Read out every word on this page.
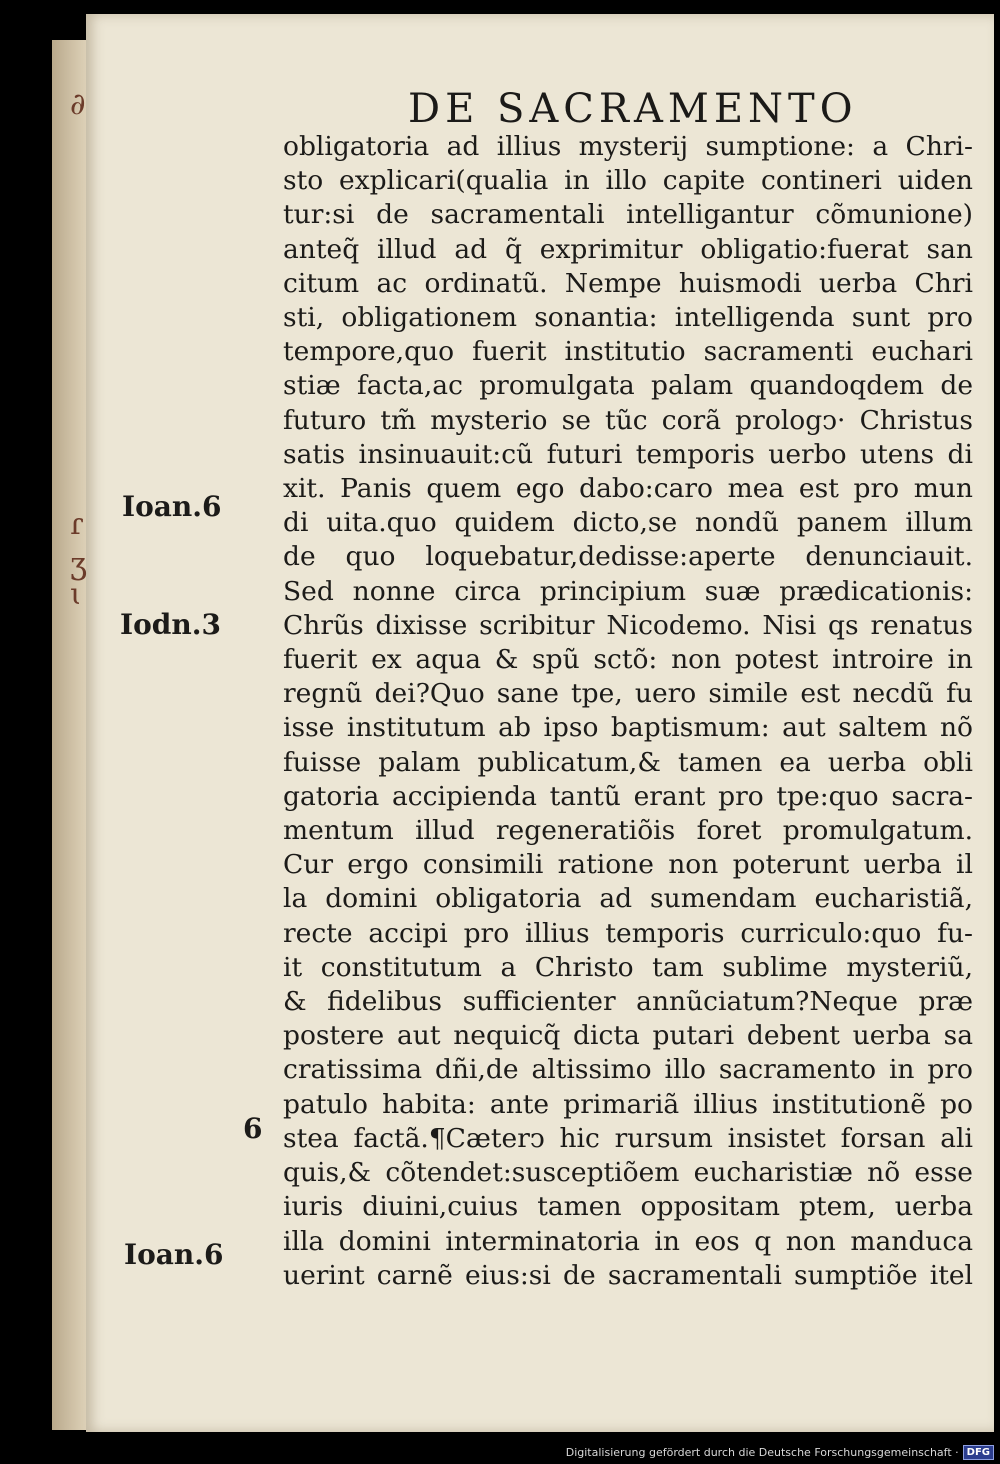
∂
ɾ
ʒ
ɩ
DE SACRAMENTO
obligatoria ad illius mysterij sumptione: a Chri-
sto explicari(qualia in illo capite contineri uiden
tur:si de sacramentali intelligantur cõmunione)
anteq̃ illud ad q̃ exprimitur obligatio:fuerat san
citum ac ordinatũ. Nempe huismodi uerba Chri
sti, obligationem sonantia: intelligenda sunt pro
tempore,quo fuerit institutio sacramenti euchari
stiæ facta,ac promulgata palam quandoqdem de
futuro tm̃ mysterio se tũc corã prologↄ· Christus
satis insinuauit:cũ futuri temporis uerbo utens di
xit. Panis quem ego dabo:caro mea est pro mun
di uita.quo quidem dicto,se nondũ panem illum
de quo loquebatur,dedisse:aperte denunciauit.
Sed nonne circa principium suæ prædicationis:
Chrũs dixisse scribitur Nicodemo. Nisi qs renatus
fuerit ex aqua & spũ sctõ: non potest introire in
regnũ dei?Quo sane tpe, uero simile est necdũ fu
isse institutum ab ipso baptismum: aut saltem nõ
fuisse palam publicatum,& tamen ea uerba obli
gatoria accipienda tantũ erant pro tpe:quo sacra-
mentum illud regeneratiõis foret promulgatum.
Cur ergo consimili ratione non poterunt uerba il
la domini obligatoria ad sumendam eucharistiã,
recte accipi pro illius temporis curriculo:quo fu-
it constitutum a Christo tam sublime mysteriũ,
& fidelibus sufficienter annũciatum?Neque præ
postere aut nequicq̃ dicta putari debent uerba sa
cratissima dñi,de altissimo illo sacramento in pro
patulo habita: ante primariã illius institutionẽ po
stea factã.¶Cæterↄ hic rursum insistet forsan ali
quis,& cõtendet:susceptiõem eucharistiæ nõ esse
iuris diuini,cuius tamen oppositam ptem, uerba
illa domini interminatoria in eos q non manduca
uerint carnẽ eius:si de sacramentali sumptiõe itel
Ioan.6
Iodn.3
6
Ioan.6
Digitalisierung gefördert durch die Deutsche Forschungsgemeinschaft · DFG
